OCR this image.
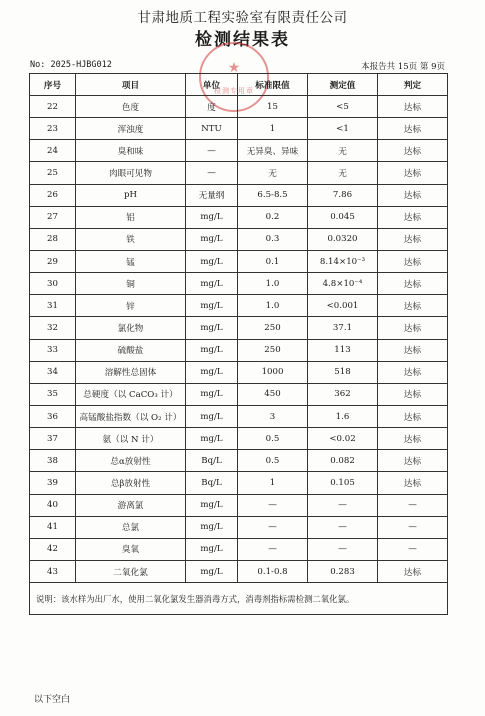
甘肃地质工程实验室有限责任公司
检测结果表
★
检测专用章
No: 2025-HJBG012	本报告共 15页 第 9页
序号	项目	单位	标准限值	测定值	判定
22	色度	度	15	<5	达标
23	浑浊度	NTU	1	<1	达标
24	臭和味	—	无异臭、异味	无	达标
25	肉眼可见物	—	无	无	达标
26	pH	无量纲	6.5-8.5	7.86	达标
27	铝	mg/L	0.2	0.045	达标
28	铁	mg/L	0.3	0.0320	达标
29	锰	mg/L	0.1	8.14×10⁻³	达标
30	铜	mg/L	1.0	4.8×10⁻⁴	达标
31	锌	mg/L	1.0	<0.001	达标
32	氯化物	mg/L	250	37.1	达标
33	硫酸盐	mg/L	250	113	达标
34	溶解性总固体	mg/L	1000	518	达标
35	总硬度（以 CaCO₃ 计）	mg/L	450	362	达标
36	高锰酸盐指数（以 O₂ 计）	mg/L	3	1.6	达标
37	氨（以 N 计）	mg/L	0.5	<0.02	达标
38	总α放射性	Bq/L	0.5	0.082	达标
39	总β放射性	Bq/L	1	0.105	达标
40	游离氯	mg/L	—	—	—
41	总氯	mg/L	—	—	—
42	臭氧	mg/L	—	—	—
43	二氧化氯	mg/L	0.1-0.8	0.283	达标
说明：该水样为出厂水，使用二氧化氯发生器消毒方式，消毒剂指标需检测二氧化氯。					
以下空白
